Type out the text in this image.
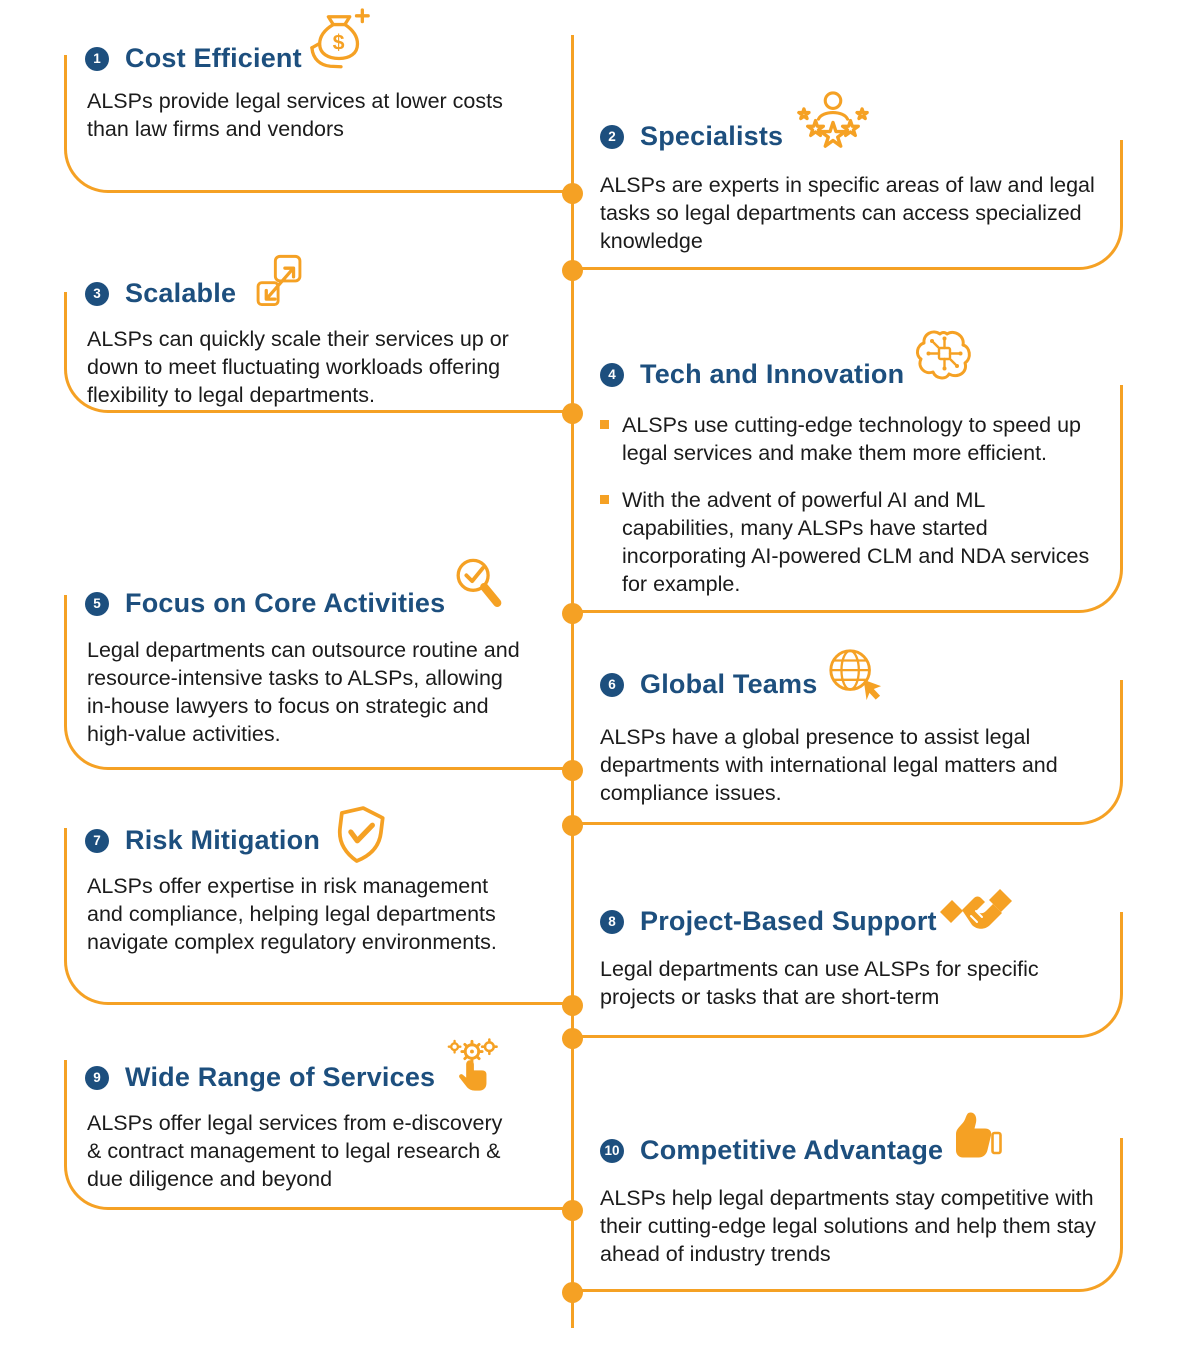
1 Cost Efficient
$

ALSPs provide legal services at lower costs than law firms and vendors	2 Specialists

ALSPs are experts in specific areas of law and legal tasks so legal departments can access specialized knowledge

3 Scalable

ALSPs can quickly scale their services up or down to meet fluctuating workloads offering flexibility to legal departments.

4 Tech and Innovation

ALSPs use cutting-edge technology to speed up legal services and make them more efficient.

With the advent of powerful AI and ML capabilities, many ALSPs have started incorporating AI-powered CLM and NDA services for example.

5 Focus on Core Activities

Legal departments can outsource routine and resource-intensive tasks to ALSPs, allowing in-house lawyers to focus on strategic and high-value activities.

6 Global Teams

ALSPs have a global presence to assist legal departments with international legal matters and compliance issues.

7 Risk Mitigation

ALSPs offer expertise in risk management and compliance, helping legal departments navigate complex regulatory environments.

8 Project-Based Support

Legal departments can use ALSPs for specific projects or tasks that are short-term

9 Wide Range of Services

ALSPs offer legal services from e-discovery & contract management to legal research & due diligence and beyond

10 Competitive Advantage

ALSPs help legal departments stay competitive with their cutting-edge legal solutions and help them stay ahead of industry trends
